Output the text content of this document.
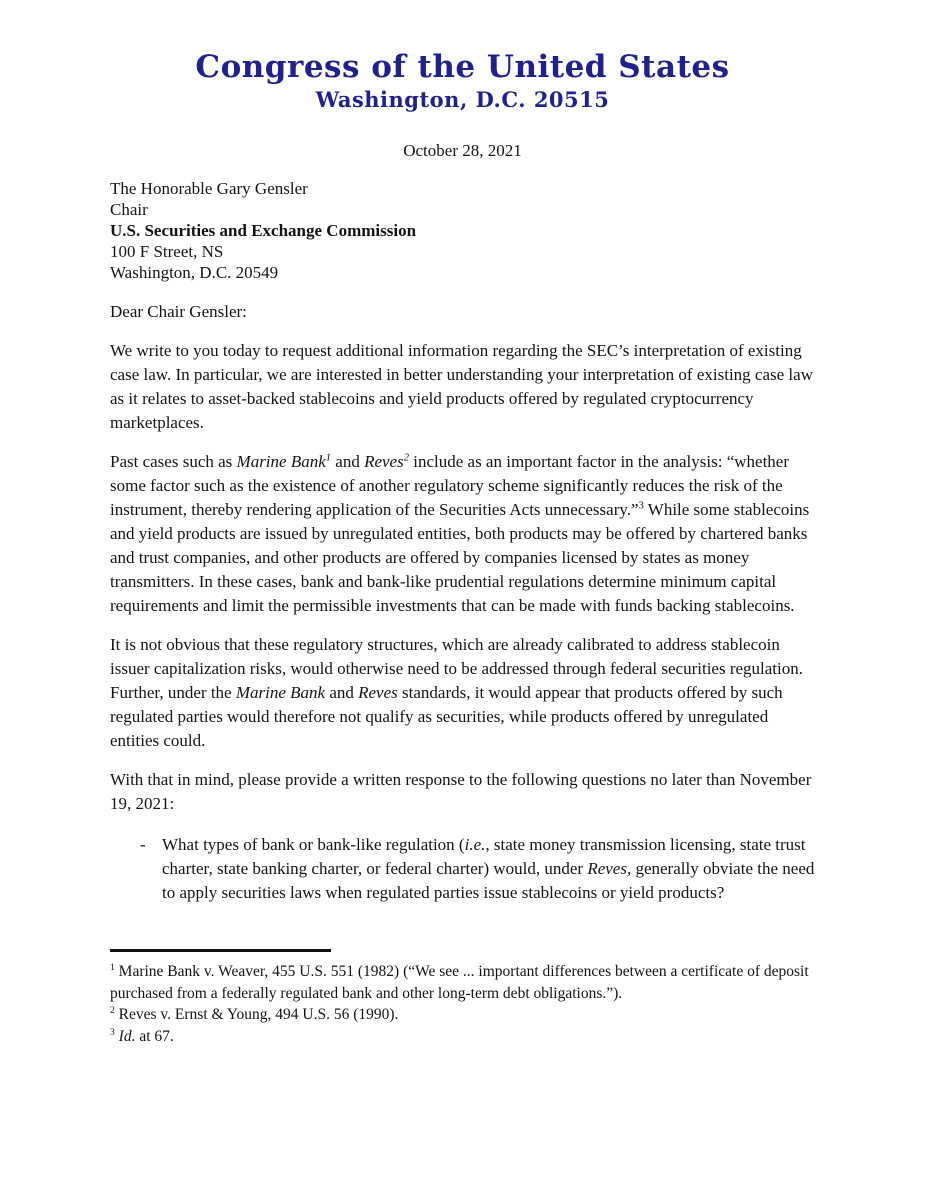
Congress of the United States
Washington, D.C. 20515
October 28, 2021
The Honorable Gary Gensler
Chair
U.S. Securities and Exchange Commission
100 F Street, NS
Washington, D.C. 20549

Dear Chair Gensler:

We write to you today to request additional information regarding the SEC’s interpretation of existing case law. In particular, we are interested in better understanding your interpretation of existing case law as it relates to asset-backed stablecoins and yield products offered by regulated cryptocurrency marketplaces.

Past cases such as Marine Bank$^1$ and Reves$^2$ include as an important factor in the analysis: “whether some factor such as the existence of another regulatory scheme significantly reduces the risk of the instrument, thereby rendering application of the Securities Acts unnecessary.”$^3$ While some stablecoins and yield products are issued by unregulated entities, both products may be offered by chartered banks and trust companies, and other products are offered by companies licensed by states as money transmitters. In these cases, bank and bank-like prudential regulations determine minimum capital requirements and limit the permissible investments that can be made with funds backing stablecoins.

It is not obvious that these regulatory structures, which are already calibrated to address stablecoin issuer capitalization risks, would otherwise need to be addressed through federal securities regulation. Further, under the Marine Bank and Reves standards, it would appear that products offered by such regulated parties would therefore not qualify as securities, while products offered by unregulated entities could.

With that in mind, please provide a written response to the following questions no later than November 19, 2021:

- What types of bank or bank-like regulation (i.e., state money transmission licensing, state trust charter, state banking charter, or federal charter) would, under Reves, generally obviate the need to apply securities laws when regulated parties issue stablecoins or yield products?
$^1$ Marine Bank v. Weaver, 455 U.S. 551 (1982) (“We see ... important differences between a certificate of deposit purchased from a federally regulated bank and other long-term debt obligations.”).
$^2$ Reves v. Ernst & Young, 494 U.S. 56 (1990).
$^3$ Id. at 67.
